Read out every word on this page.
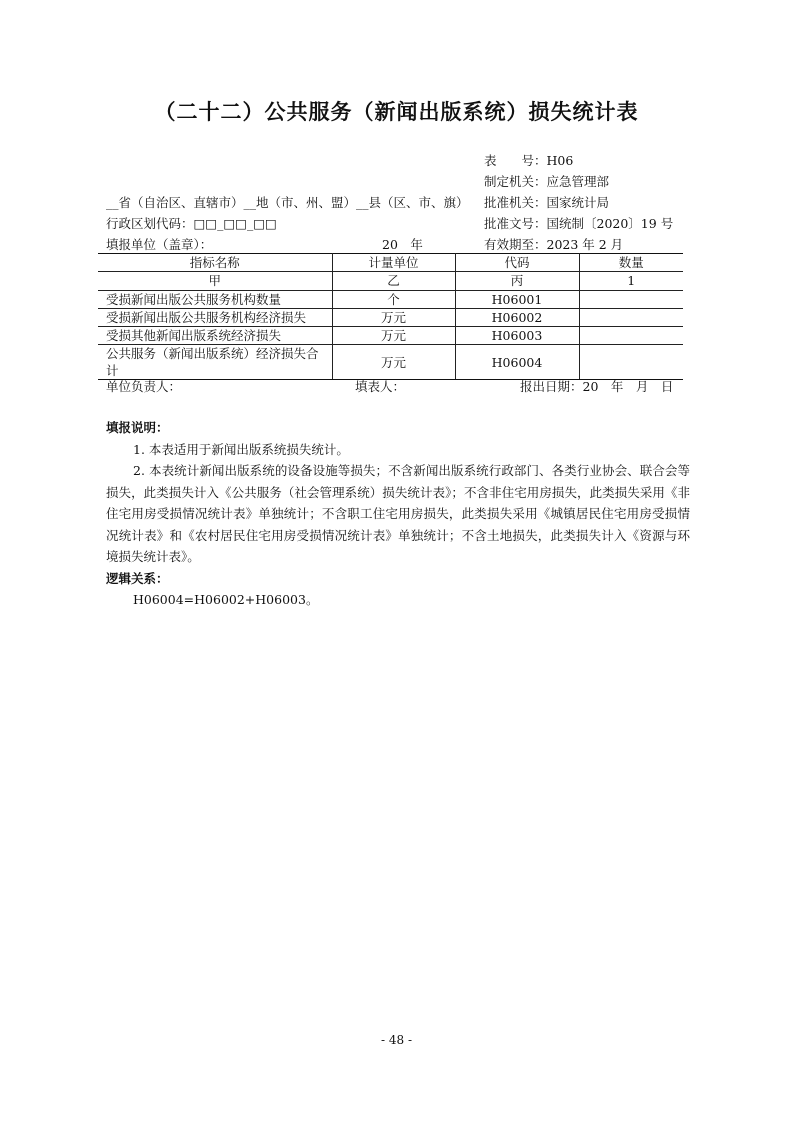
（二十二）公共服务（新闻出版系统）损失统计表
表　　号：H06
制定机关：应急管理部
批准机关：国家统计局
批准文号：国统制〔2020〕19 号
有效期至：2023 年 2 月
__省（自治区、直辖市）__地（市、州、盟）__县（区、市、旗）
行政区划代码：□□_□□_□□
填报单位（盖章）：	20　年
指标名称	计量单位	代码	数量
甲	乙	丙	1
受损新闻出版公共服务机构数量	个	H06001	
受损新闻出版公共服务机构经济损失	万元	H06002	
受损其他新闻出版系统经济损失	万元	H06003	
公共服务（新闻出版系统）经济损失合计	万元	H06004	
单位负责人：	填表人：	报出日期：20　年　月　日

填报说明：

1. 本表适用于新闻出版系统损失统计。

2. 本表统计新闻出版系统的设备设施等损失；不含新闻出版系统行政部门、各类行业协会、联合会等损失，此类损失计入《公共服务（社会管理系统）损失统计表》；不含非住宅用房损失，此类损失采用《非住宅用房受损情况统计表》单独统计；不含职工住宅用房损失，此类损失采用《城镇居民住宅用房受损情况统计表》和《农村居民住宅用房受损情况统计表》单独统计；不含土地损失，此类损失计入《资源与环境损失统计表》。

逻辑关系：

H06004=H06002+H06003。

- 48 -
